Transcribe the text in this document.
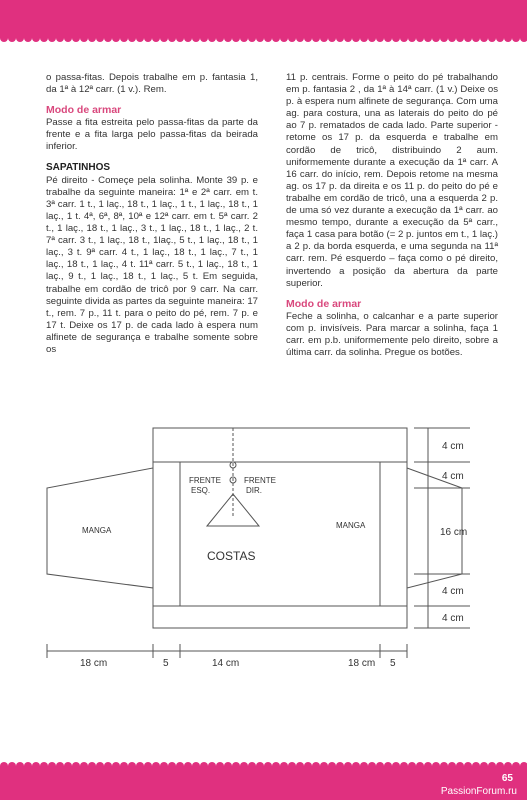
o passa-fitas. Depois trabalhe em p. fantasia 1, da 1ª à 12ª carr. (1 v.). Rem.

Modo de armar

Passe a fita estreita pelo passa-fitas da parte da frente e a fita larga pelo passa-fitas da beirada inferior.

SAPATINHOS

Pé direito - Começe pela solinha. Monte 39 p. e trabalhe da seguinte maneira: 1ª e 2ª carr. em t. 3ª carr. 1 t., 1 laç., 18 t., 1 laç., 1 t., 1 laç., 18 t., 1 laç., 1 t. 4ª, 6ª, 8ª, 10ª e 12ª carr. em t. 5ª carr. 2 t., 1 laç., 18 t., 1 laç., 3 t., 1 laç., 18 t., 1 laç., 2 t. 7ª carr. 3 t., 1 laç., 18 t., 1laç., 5 t., 1 laç., 18 t., 1 laç., 3 t. 9ª carr. 4 t., 1 laç., 18 t., 1 laç., 7 t., 1 laç., 18 t., 1 laç., 4 t. 11ª carr. 5 t., 1 laç., 18 t., 1 laç., 9 t., 1 laç., 18 t., 1 laç., 5 t. Em seguida, trabalhe em cordão de tricô por 9 carr. Na carr. seguinte divida as partes da seguinte maneira: 17 t., rem. 7 p., 11 t. para o peito do pé, rem. 7 p. e 17 t. Deixe os 17 p. de cada lado à espera num alfinete de segurança e trabalhe somente sobre os

11 p. centrais. Forme o peito do pé trabalhando em p. fantasia 2 , da 1ª à 14ª carr. (1 v.) Deixe os p. à espera num alfinete de segurança. Com uma ag. para costura, una as laterais do peito do pé ao 7 p. rematados de cada lado. Parte superior - retome os 17 p. da esquerda e trabalhe em cordão de tricô, distribuindo 2 aum. uniformemente durante a execução da 1ª carr. A 16 carr. do início, rem. Depois retome na mesma ag. os 17 p. da direita e os 11 p. do peito do pé e trabalhe em cordão de tricô, una a esquerda 2 p. de uma só vez durante a execução da 1ª carr. ao mesmo tempo, durante a execução da 5ª carr., faça 1 casa para botão (= 2 p. juntos em t., 1 laç.) a 2 p. da borda esquerda, e uma segunda na 11ª carr. rem. Pé esquerdo – faça como o pé direito, invertendo a posição da abertura da parte superior.

Modo de armar

Feche a solinha, o calcanhar e a parte superior com p. invisíveis. Para marcar a solinha, faça 1 carr. em p.b. uniformemente pelo direito, sobre a última carr. da solinha. Pregue os botões.

MANGA
MANGA
COSTAS
FRENTE
ESQ.
FRENTE
DIR.
4 cm
4 cm
16 cm
4 cm
4 cm
18 cm	5	14 cm	5
18 cm
65
PassionForum.ru
